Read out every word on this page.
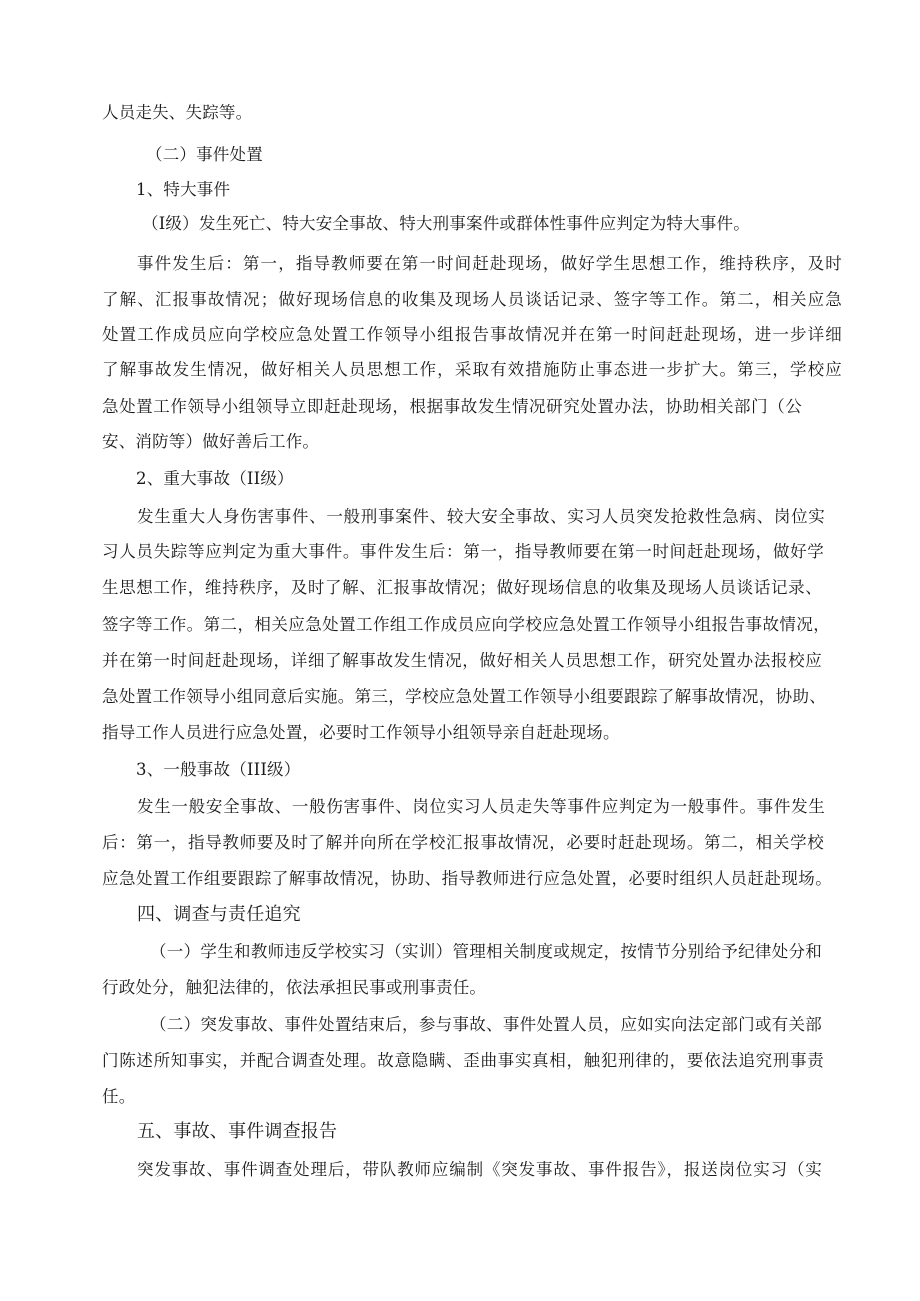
人员走失、失踪等。
（二）事件处置
1、特大事件
（I级）发生死亡、特大安全事故、特大刑事案件或群体性事件应判定为特大事件。
事件发生后：第一，指导教师要在第一时间赶赴现场，做好学生思想工作，维持秩序，及时
了解、汇报事故情况；做好现场信息的收集及现场人员谈话记录、签字等工作。第二，相关应急
处置工作成员应向学校应急处置工作领导小组报告事故情况并在第一时间赶赴现场，进一步详细
了解事故发生情况，做好相关人员思想工作，采取有效措施防止事态进一步扩大。第三，学校应
急处置工作领导小组领导立即赶赴现场，根据事故发生情况研究处置办法，协助相关部门（公
安、消防等）做好善后工作。
2、重大事故（II级）
发生重大人身伤害事件、一般刑事案件、较大安全事故、实习人员突发抢救性急病、岗位实
习人员失踪等应判定为重大事件。事件发生后：第一，指导教师要在第一时间赶赴现场，做好学
生思想工作，维持秩序，及时了解、汇报事故情况；做好现场信息的收集及现场人员谈话记录、
签字等工作。第二，相关应急处置工作组工作成员应向学校应急处置工作领导小组报告事故情况，
并在第一时间赶赴现场，详细了解事故发生情况，做好相关人员思想工作，研究处置办法报校应
急处置工作领导小组同意后实施。第三，学校应急处置工作领导小组要跟踪了解事故情况，协助、
指导工作人员进行应急处置，必要时工作领导小组领导亲自赶赴现场。
3、一般事故（III级）
发生一般安全事故、一般伤害事件、岗位实习人员走失等事件应判定为一般事件。事件发生
后：第一，指导教师要及时了解并向所在学校汇报事故情况，必要时赶赴现场。第二，相关学校
应急处置工作组要跟踪了解事故情况，协助、指导教师进行应急处置，必要时组织人员赶赴现场。
四、调查与责任追究
（一）学生和教师违反学校实习（实训）管理相关制度或规定，按情节分别给予纪律处分和
行政处分，触犯法律的，依法承担民事或刑事责任。
（二）突发事故、事件处置结束后，参与事故、事件处置人员，应如实向法定部门或有关部
门陈述所知事实，并配合调查处理。故意隐瞒、歪曲事实真相，触犯刑律的，要依法追究刑事责
任。
五、事故、事件调查报告
突发事故、事件调查处理后，带队教师应编制《突发事故、事件报告》，报送岗位实习（实
